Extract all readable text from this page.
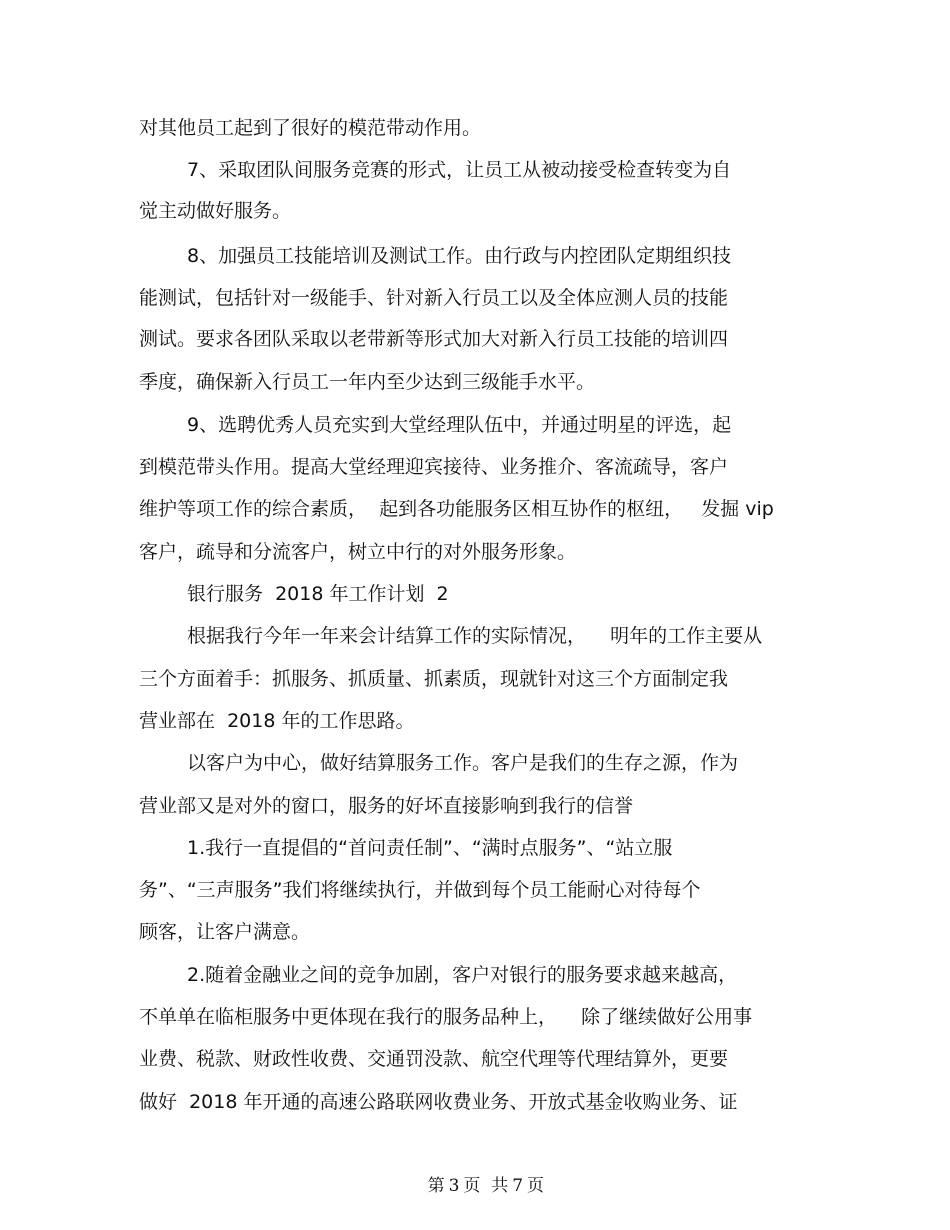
对其他员工起到了很好的模范带动作用。
7、采取团队间服务竞赛的形式，让员工从被动接受检查转变为自
觉主动做好服务。
8、加强员工技能培训及测试工作。由行政与内控团队定期组织技
能测试，包括针对一级能手、针对新入行员工以及全体应测人员的技能
测试。要求各团队采取以老带新等形式加大对新入行员工技能的培训四
季度，确保新入行员工一年内至少达到三级能手水平。
9、选聘优秀人员充实到大堂经理队伍中，并通过明星的评选，起
到模范带头作用。提高大堂经理迎宾接待、业务推介、客流疏导，客户
维护等项工作的综合素质，  起到各功能服务区相互协作的枢纽，   发掘 vip
客户，疏导和分流客户，树立中行的对外服务形象。
银行服务  2018 年工作计划  2
根据我行今年一年来会计结算工作的实际情况，    明年的工作主要从
三个方面着手：抓服务、抓质量、抓素质，现就针对这三个方面制定我
营业部在  2018 年的工作思路。
以客户为中心，做好结算服务工作。客户是我们的生存之源，作为
营业部又是对外的窗口，服务的好坏直接影响到我行的信誉
1.我行一直提倡的“首问责任制”、“满时点服务”、“站立服
务”、“三声服务”我们将继续执行，并做到每个员工能耐心对待每个
顾客，让客户满意。
2.随着金融业之间的竞争加剧，客户对银行的服务要求越来越高，
不单单在临柜服务中更体现在我行的服务品种上，    除了继续做好公用事
业费、税款、财政性收费、交通罚没款、航空代理等代理结算外，更要
做好  2018 年开通的高速公路联网收费业务、开放式基金收购业务、证

第 3 页  共 7 页
